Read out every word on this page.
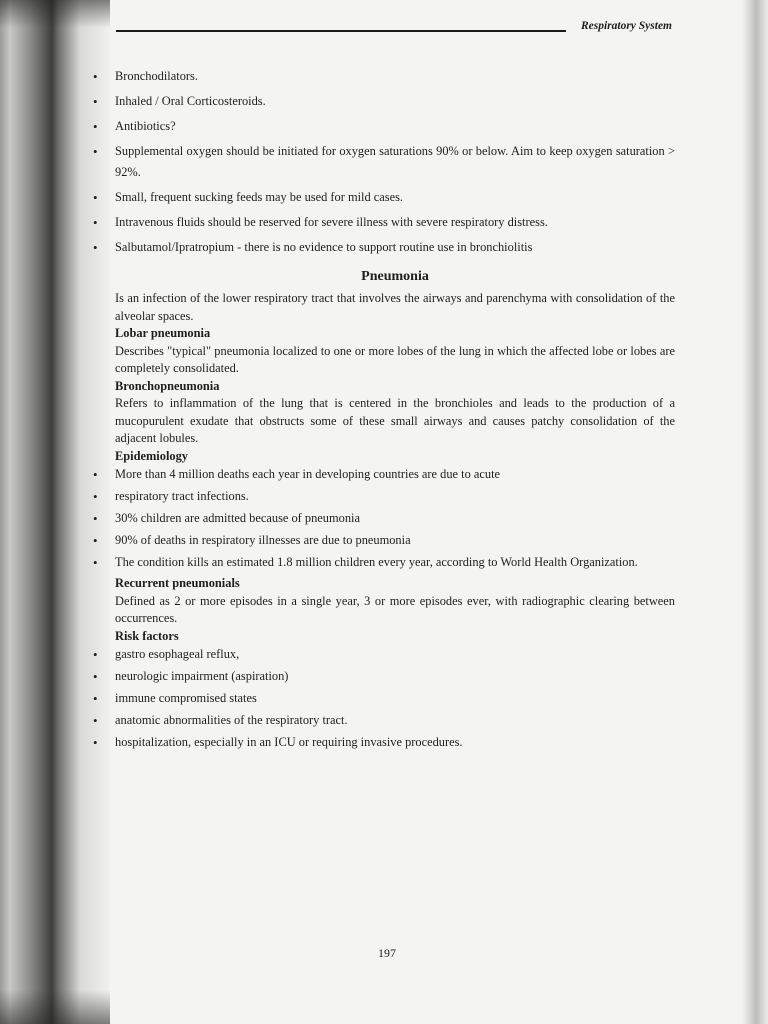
Respiratory System
• Bronchodilators.
• Inhaled / Oral Corticosteroids.
• Antibiotics?
• Supplemental oxygen should be initiated for oxygen saturations 90% or below. Aim to keep oxygen saturation > 92%.
• Small, frequent sucking feeds may be used for mild cases.
• Intravenous fluids should be reserved for severe illness with severe respiratory distress.
• Salbutamol/Ipratropium - there is no evidence to support routine use in bronchiolitis
Pneumonia

Is an infection of the lower respiratory tract that involves the airways and parenchyma with consolidation of the alveolar spaces.

Lobar pneumonia

Describes "typical" pneumonia localized to one or more lobes of the lung in which the affected lobe or lobes are completely consolidated.

Bronchopneumonia

Refers to inflammation of the lung that is centered in the bronchioles and leads to the production of a mucopurulent exudate that obstructs some of these small airways and causes patchy consolidation of the adjacent lobules.

Epidemiology

• More than 4 million deaths each year in developing countries are due to acute
• respiratory tract infections.
• 30% children are admitted because of pneumonia
• 90% of deaths in respiratory illnesses are due to pneumonia
• The condition kills an estimated 1.8 million children every year, according to World Health Organization.

Recurrent pneumonials

Defined as 2 or more episodes in a single year, 3 or more episodes ever, with radiographic clearing between occurrences.

Risk factors

• gastro esophageal reflux,
• neurologic impairment (aspiration)
• immune compromised states
• anatomic abnormalities of the respiratory tract.
• hospitalization, especially in an ICU or requiring invasive procedures.
197
